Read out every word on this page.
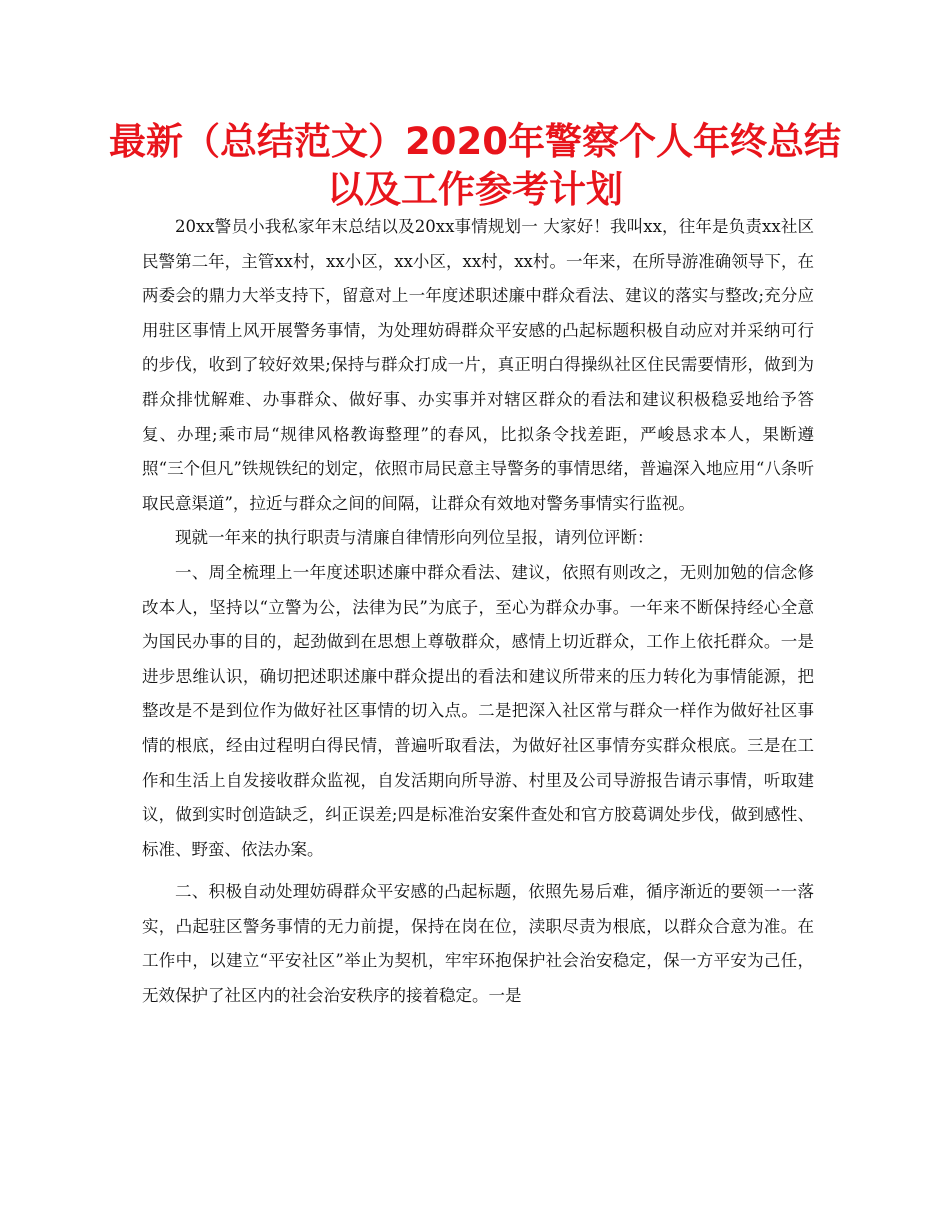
最新（总结范文）2020年警察个人年终总结以及工作参考计划

20xx警员小我私家年末总结以及20xx事情规划一 大家好！我叫xx，往年是负责xx社区民警第二年，主管xx村，xx小区，xx小区，xx村，xx村。一年来，在所导游准确领导下，在两委会的鼎力大举支持下，留意对上一年度述职述廉中群众看法、建议的落实与整改;充分应用驻区事情上风开展警务事情，为处理妨碍群众平安感的凸起标题积极自动应对并采纳可行的步伐，收到了较好效果;保持与群众打成一片，真正明白得操纵社区住民需要情形，做到为群众排忧解难、办事群众、做好事、办实事并对辖区群众的看法和建议积极稳妥地给予答复、办理;乘市局“规律风格教诲整理”的春风，比拟条令找差距，严峻恳求本人，果断遵照“三个但凡”铁规铁纪的划定，依照市局民意主导警务的事情思绪，普遍深入地应用“八条听取民意渠道”，拉近与群众之间的间隔，让群众有效地对警务事情实行监视。

现就一年来的执行职责与清廉自律情形向列位呈报，请列位评断：

一、周全梳理上一年度述职述廉中群众看法、建议，依照有则改之，无则加勉的信念修改本人，坚持以“立警为公，法律为民”为底子，至心为群众办事。一年来不断保持经心全意为国民办事的目的，起劲做到在思想上尊敬群众，感情上切近群众，工作上依托群众。一是进步思维认识，确切把述职述廉中群众提出的看法和建议所带来的压力转化为事情能源，把整改是不是到位作为做好社区事情的切入点。二是把深入社区常与群众一样作为做好社区事情的根底，经由过程明白得民情，普遍听取看法，为做好社区事情夯实群众根底。三是在工作和生活上自发接收群众监视，自发活期向所导游、村里及公司导游报告请示事情，听取建议，做到实时创造缺乏，纠正误差;四是标准治安案件查处和官方胶葛调处步伐，做到感性、标准、野蛮、依法办案。

二、积极自动处理妨碍群众平安感的凸起标题，依照先易后难，循序渐近的要领一一落实，凸起驻区警务事情的无力前提，保持在岗在位，渎职尽责为根底，以群众合意为准。在工作中，以建立“平安社区”举止为契机，牢牢环抱保护社会治安稳定，保一方平安为己任，无效保护了社区内的社会治安秩序的接着稳定。一是
